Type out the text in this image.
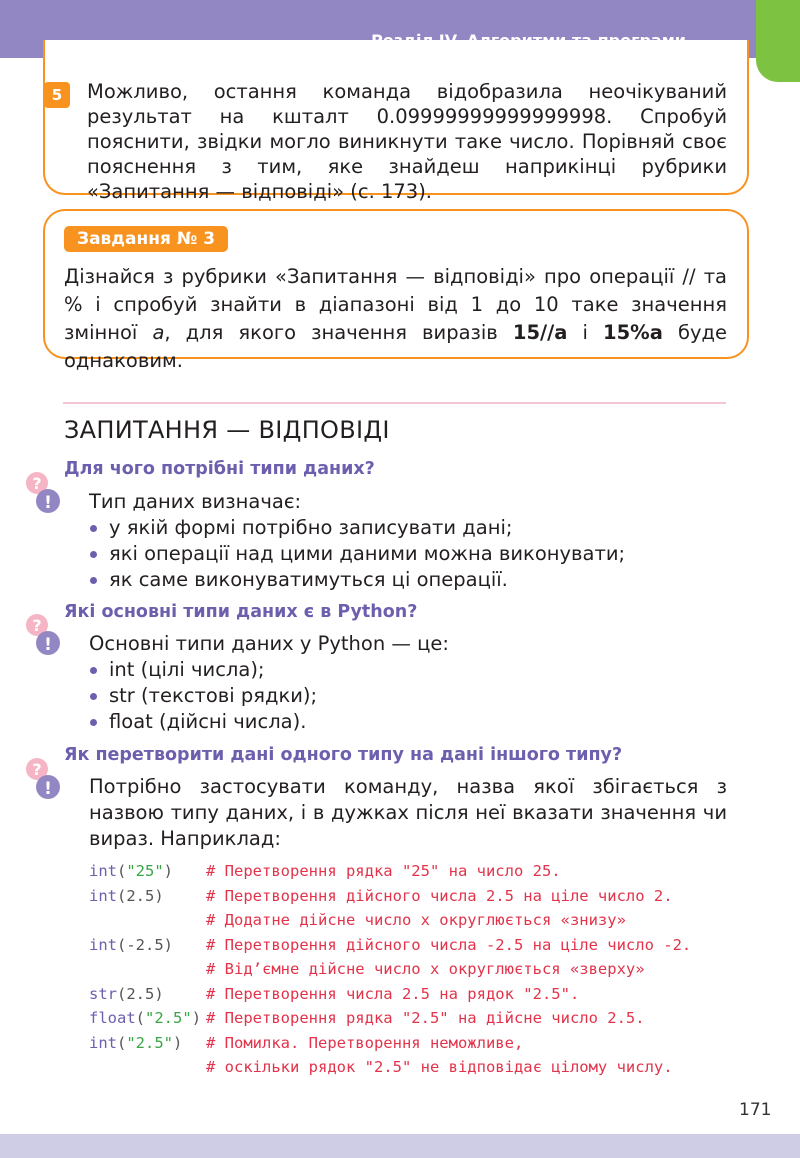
5	Можливо, остання команда відобразила неочікуваний результат на кшталт 0.09999999999999998. Спробуй пояснити, звідки могло виникнути таке число. Порівняй своє пояснення з тим, яке знайдеш наприкінці рубрики «Запитання — відповіді» (с. 173).
Завдання № 3
Дізнайся з рубрики «Запитання — відповіді» про операції // та % і спробуй знайти в діапазоні від 1 до 10 таке значення змінної a, для якого значення виразів 15//a і 15%a буде однаковим.
ЗАПИТАННЯ — ВІДПОВІДІ
?
!
Для чого потрібні типи даних?
Тип даних визначає:
у якій формі потрібно записувати дані;
які операції над цими даними можна виконувати;
як саме виконуватимуться ці операції.
?
!
Які основні типи даних є в Python?
Основні типи даних у Python — це:
int (цілі числа);
str (текстові рядки);
float (дійсні числа).
?
!
Як перетворити дані одного типу на дані іншого типу?
Потрібно застосувати команду, назва якої збігається з назвою типу даних, і в дужках після неї вказати значення чи вираз. Наприклад:
int("25") # Перетворення рядка "25" на число 25.
int(2.5)	# Перетворення дійсного числа 2.5 на ціле число 2.
# Додатне дійсне число x округлюється «знизу»
int(-2.5) # Перетворення дійсного числа -2.5 на ціле число -2.
# Від’ємне дійсне число x округлюється «зверху»
str(2.5)	# Перетворення числа 2.5 на рядок "2.5".
float("2.5") # Перетворення рядка "2.5" на дійсне число 2.5.
int("2.5") # Помилка. Перетворення неможливе,
# оскільки рядок "2.5" не відповідає цілому числу.
171
